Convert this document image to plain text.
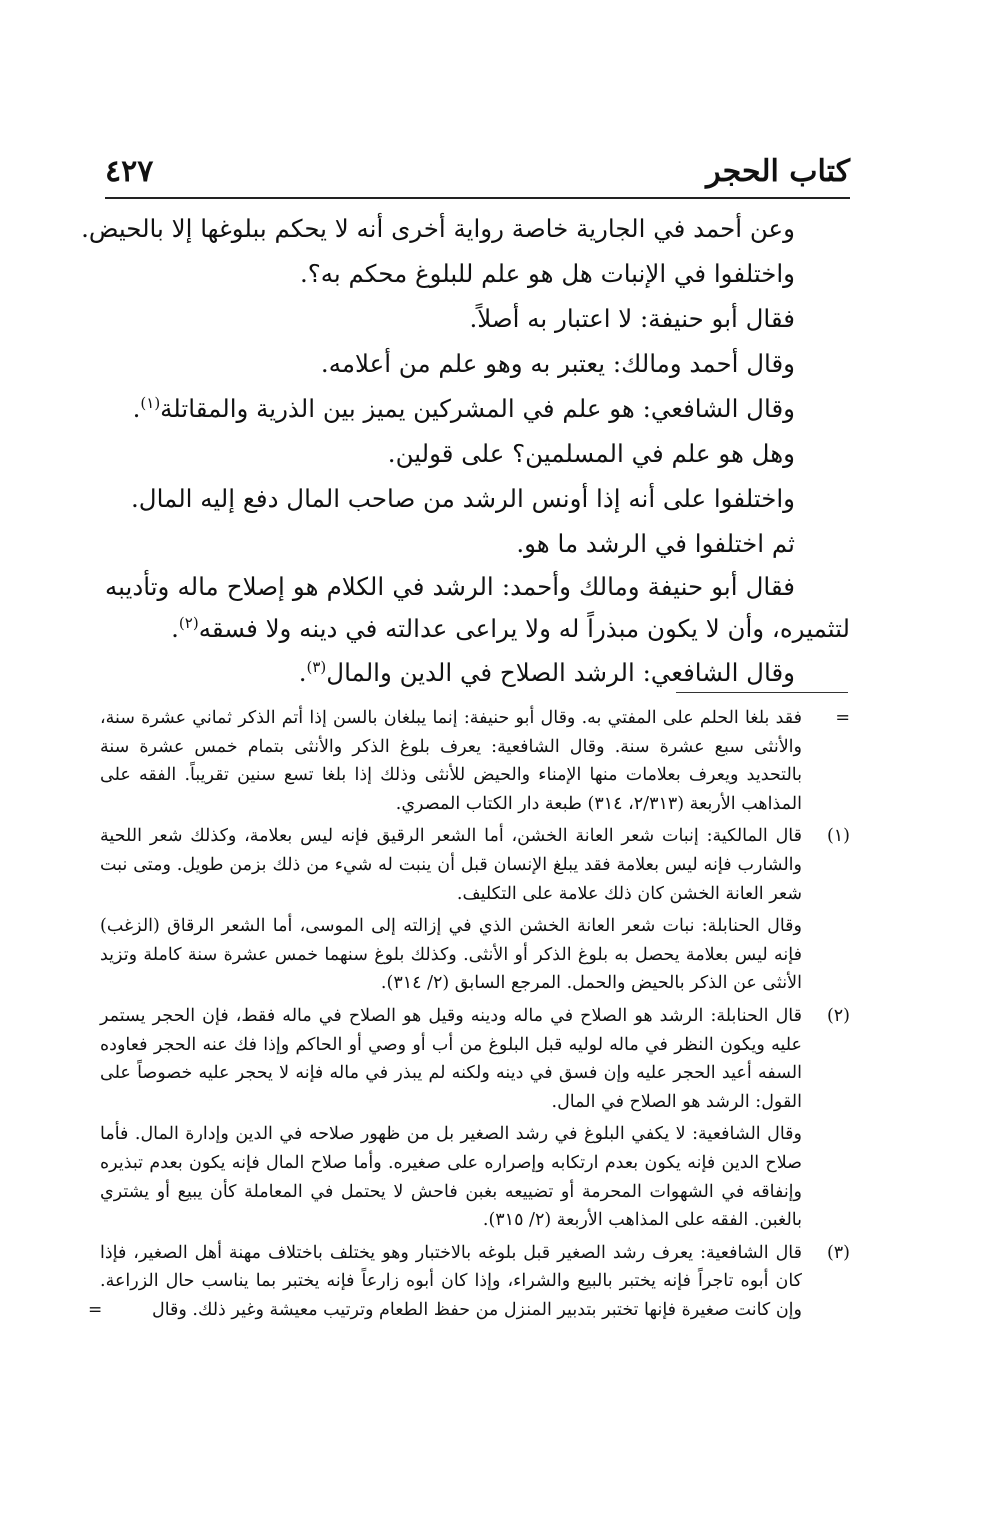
كتاب الحجر
٤٢٧

وعن أحمد في الجارية خاصة رواية أخرى أنه لا يحكم ببلوغها إلا بالحيض.

واختلفوا في الإنبات هل هو علم للبلوغ محكم به؟.

فقال أبو حنيفة: لا اعتبار به أصلاً.

وقال أحمد ومالك: يعتبر به وهو علم من أعلامه.

وقال الشافعي: هو علم في المشركين يميز بين الذرية والمقاتلة$^{(١)}$.

وهل هو علم في المسلمين؟ على قولين.

واختلفوا على أنه إذا أونس الرشد من صاحب المال دفع إليه المال.

ثم اختلفوا في الرشد ما هو.

فقال أبو حنيفة ومالك وأحمد: الرشد في الكلام هو إصلاح ماله وتأديبه لتثميره، وأن لا يكون مبذراً له ولا يراعى عدالته في دينه ولا فسقه$^{(٢)}$.

وقال الشافعي: الرشد الصلاح في الدين والمال$^{(٣)}$.

=
فقد بلغا الحلم على المفتي به. وقال أبو حنيفة: إنما يبلغان بالسن إذا أتم الذكر ثماني عشرة سنة، والأنثى سبع عشرة سنة. وقال الشافعية: يعرف بلوغ الذكر والأنثى بتمام خمس عشرة سنة بالتحديد ويعرف بعلامات منها الإمناء والحيض للأنثى وذلك إذا بلغا تسع سنين تقريباً. الفقه على المذاهب الأربعة (٢/٣١٣، ٣١٤) طبعة دار الكتاب المصري.
(١)
قال المالكية: إنبات شعر العانة الخشن، أما الشعر الرقيق فإنه ليس بعلامة، وكذلك شعر اللحية والشارب فإنه ليس بعلامة فقد يبلغ الإنسان قبل أن ينبت له شيء من ذلك بزمن طويل. ومتى نبت شعر العانة الخشن كان ذلك علامة على التكليف.
وقال الحنابلة: نبات شعر العانة الخشن الذي في إزالته إلى الموسى، أما الشعر الرقاق (الزغب) فإنه ليس بعلامة يحصل به بلوغ الذكر أو الأنثى. وكذلك بلوغ سنهما خمس عشرة سنة كاملة وتزيد الأنثى عن الذكر بالحيض والحمل. المرجع السابق (٢/ ٣١٤).
(٢)
قال الحنابلة: الرشد هو الصلاح في ماله ودينه وقيل هو الصلاح في ماله فقط، فإن الحجر يستمر عليه ويكون النظر في ماله لوليه قبل البلوغ من أب أو وصي أو الحاكم وإذا فك عنه الحجر فعاوده السفه أعيد الحجر عليه وإن فسق في دينه ولكنه لم يبذر في ماله فإنه لا يحجر عليه خصوصاً على القول: الرشد هو الصلاح في المال.
وقال الشافعية: لا يكفي البلوغ في رشد الصغير بل من ظهور صلاحه في الدين وإدارة المال. فأما صلاح الدين فإنه يكون بعدم ارتكابه وإصراره على صغيره. وأما صلاح المال فإنه يكون بعدم تبذيره وإنفاقه في الشهوات المحرمة أو تضييعه بغبن فاحش لا يحتمل في المعاملة كأن يبيع أو يشتري بالغبن. الفقه على المذاهب الأربعة (٢/ ٣١٥).
(٣)
قال الشافعية: يعرف رشد الصغير قبل بلوغه بالاختبار وهو يختلف باختلاف مهنة أهل الصغير، فإذا كان أبوه تاجراً فإنه يختبر بالبيع والشراء، وإذا كان أبوه زارعاً فإنه يختبر بما يناسب حال الزراعة. وإن كانت صغيرة فإنها تختبر بتدبير المنزل من حفظ الطعام وترتيب معيشة وغير ذلك. وقال
=
